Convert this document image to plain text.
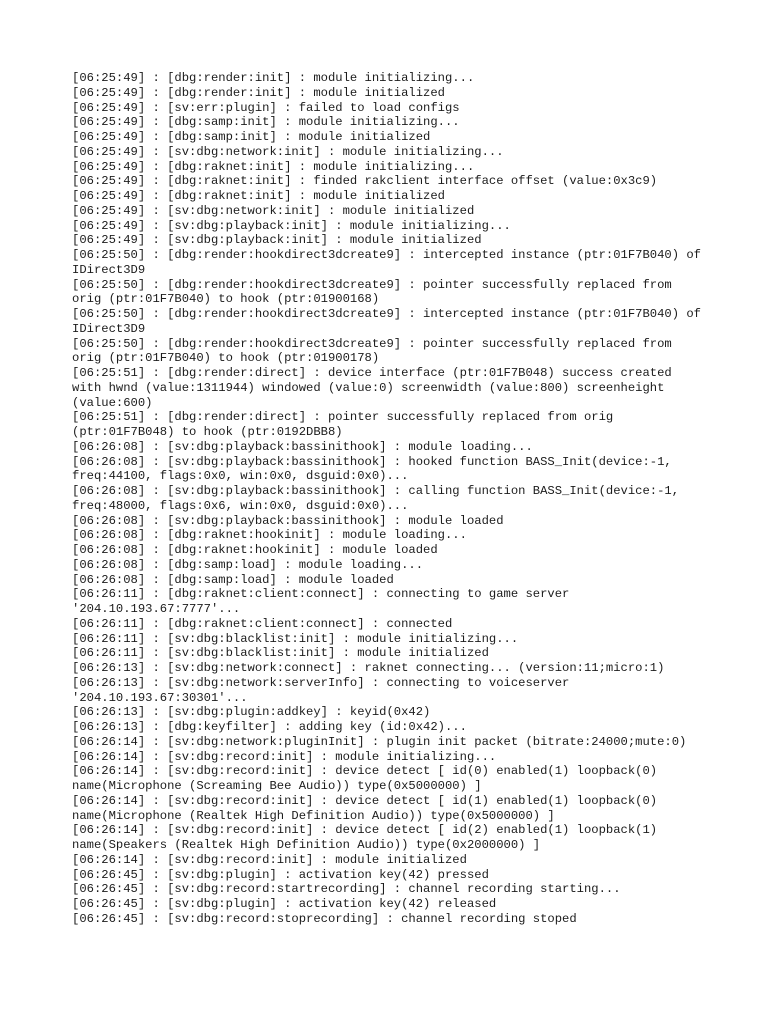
[06:25:49] : [dbg:render:init] : module initializing...
[06:25:49] : [dbg:render:init] : module initialized
[06:25:49] : [sv:err:plugin] : failed to load configs
[06:25:49] : [dbg:samp:init] : module initializing...
[06:25:49] : [dbg:samp:init] : module initialized
[06:25:49] : [sv:dbg:network:init] : module initializing...
[06:25:49] : [dbg:raknet:init] : module initializing...
[06:25:49] : [dbg:raknet:init] : finded rakclient interface offset (value:0x3c9)
[06:25:49] : [dbg:raknet:init] : module initialized
[06:25:49] : [sv:dbg:network:init] : module initialized
[06:25:49] : [sv:dbg:playback:init] : module initializing...
[06:25:49] : [sv:dbg:playback:init] : module initialized
[06:25:50] : [dbg:render:hookdirect3dcreate9] : intercepted instance (ptr:01F7B040) of IDirect3D9
[06:25:50] : [dbg:render:hookdirect3dcreate9] : pointer successfully replaced from orig (ptr:01F7B040) to hook (ptr:01900168)
[06:25:50] : [dbg:render:hookdirect3dcreate9] : intercepted instance (ptr:01F7B040) of IDirect3D9
[06:25:50] : [dbg:render:hookdirect3dcreate9] : pointer successfully replaced from orig (ptr:01F7B040) to hook (ptr:01900178)
[06:25:51] : [dbg:render:direct] : device interface (ptr:01F7B048) success created with hwnd (value:1311944) windowed (value:0) screenwidth (value:800) screenheight (value:600)
[06:25:51] : [dbg:render:direct] : pointer successfully replaced from orig (ptr:01F7B048) to hook (ptr:0192DBB8)
[06:26:08] : [sv:dbg:playback:bassinithook] : module loading...
[06:26:08] : [sv:dbg:playback:bassinithook] : hooked function BASS_Init(device:-1, freq:44100, flags:0x0, win:0x0, dsguid:0x0)...
[06:26:08] : [sv:dbg:playback:bassinithook] : calling function BASS_Init(device:-1, freq:48000, flags:0x6, win:0x0, dsguid:0x0)...
[06:26:08] : [sv:dbg:playback:bassinithook] : module loaded
[06:26:08] : [dbg:raknet:hookinit] : module loading...
[06:26:08] : [dbg:raknet:hookinit] : module loaded
[06:26:08] : [dbg:samp:load] : module loading...
[06:26:08] : [dbg:samp:load] : module loaded
[06:26:11] : [dbg:raknet:client:connect] : connecting to game server '204.10.193.67:7777'...
[06:26:11] : [dbg:raknet:client:connect] : connected
[06:26:11] : [sv:dbg:blacklist:init] : module initializing...
[06:26:11] : [sv:dbg:blacklist:init] : module initialized
[06:26:13] : [sv:dbg:network:connect] : raknet connecting... (version:11;micro:1)
[06:26:13] : [sv:dbg:network:serverInfo] : connecting to voiceserver '204.10.193.67:30301'...
[06:26:13] : [sv:dbg:plugin:addkey] : keyid(0x42)
[06:26:13] : [dbg:keyfilter] : adding key (id:0x42)...
[06:26:14] : [sv:dbg:network:pluginInit] : plugin init packet (bitrate:24000;mute:0)
[06:26:14] : [sv:dbg:record:init] : module initializing...
[06:26:14] : [sv:dbg:record:init] : device detect [ id(0) enabled(1) loopback(0) name(Microphone (Screaming Bee Audio)) type(0x5000000) ]
[06:26:14] : [sv:dbg:record:init] : device detect [ id(1) enabled(1) loopback(0) name(Microphone (Realtek High Definition Audio)) type(0x5000000) ]
[06:26:14] : [sv:dbg:record:init] : device detect [ id(2) enabled(1) loopback(1) name(Speakers (Realtek High Definition Audio)) type(0x2000000) ]
[06:26:14] : [sv:dbg:record:init] : module initialized
[06:26:45] : [sv:dbg:plugin] : activation key(42) pressed
[06:26:45] : [sv:dbg:record:startrecording] : channel recording starting...
[06:26:45] : [sv:dbg:plugin] : activation key(42) released
[06:26:45] : [sv:dbg:record:stoprecording] : channel recording stoped
